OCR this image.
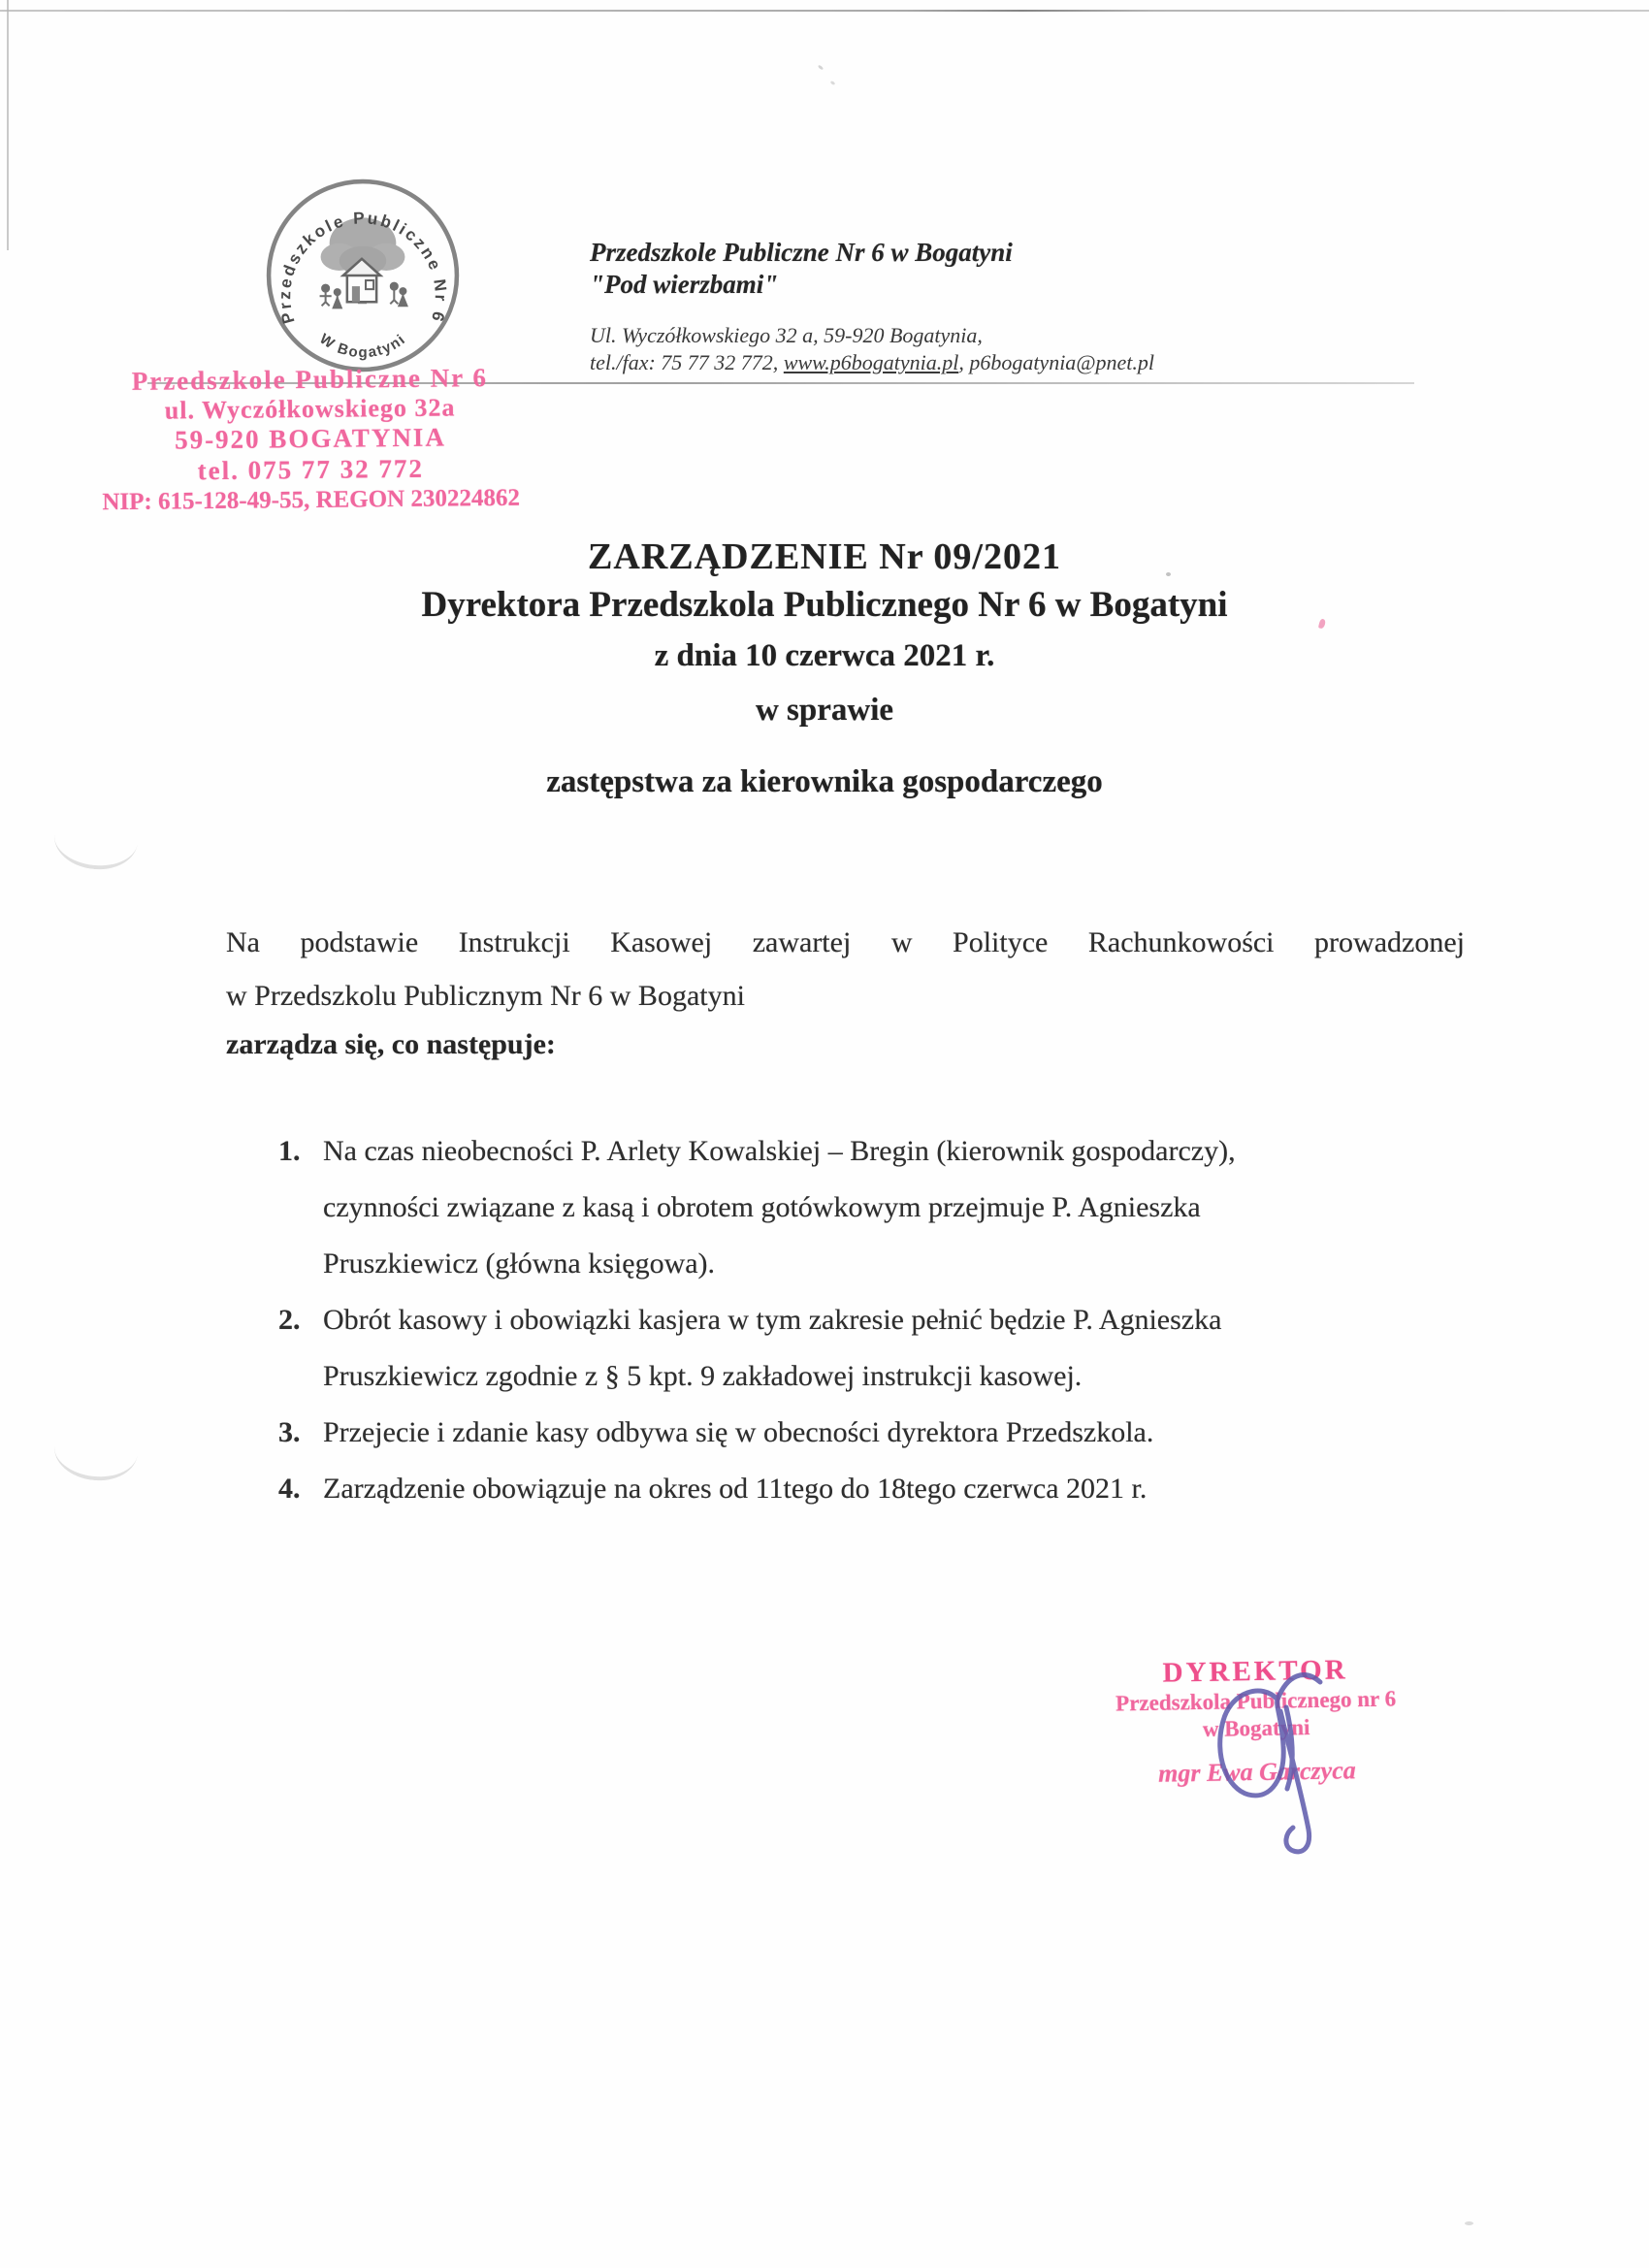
Przedszkole Publiczne Nr 6
W Bogatyni
Przedszkole Publiczne Nr 6 w Bogatyni
"Pod wierzbami"
Ul. Wyczółkowskiego 32 a, 59-920 Bogatynia,
tel./fax: 75 77 32 772, www.p6bogatynia.pl, p6bogatynia@pnet.pl
Przedszkole Publiczne Nr 6
ul. Wyczółkowskiego 32a
59-920 BOGATYNIA
tel. 075 77 32 772
NIP: 615-128-49-55, REGON 230224862
ZARZĄDZENIE Nr 09/2021
Dyrektora Przedszkola Publicznego Nr 6 w Bogatyni
z dnia 10 czerwca 2021 r.
w sprawie
zastępstwa za kierownika gospodarczego
Na podstawie Instrukcji Kasowej zawartej w Polityce Rachunkowości prowadzonej
w Przedszkolu Publicznym Nr 6 w Bogatyni
zarządza się, co następuje:
1. Na czas nieobecności P. Arlety Kowalskiej – Bregin (kierownik gospodarczy),
czynności związane z kasą i obrotem gotówkowym przejmuje P. Agnieszka
Pruszkiewicz (główna księgowa).
2. Obrót kasowy i obowiązki kasjera w tym zakresie pełnić będzie P. Agnieszka
Pruszkiewicz zgodnie z § 5 kpt. 9 zakładowej instrukcji kasowej.
3. Przejecie i zdanie kasy odbywa się w obecności dyrektora Przedszkola.
4. Zarządzenie obowiązuje na okres od 11tego do 18tego czerwca 2021 r.
DYREKTOR
Przedszkola Publicznego nr 6
w Bogatyni
mgr Ewa Garczyca
